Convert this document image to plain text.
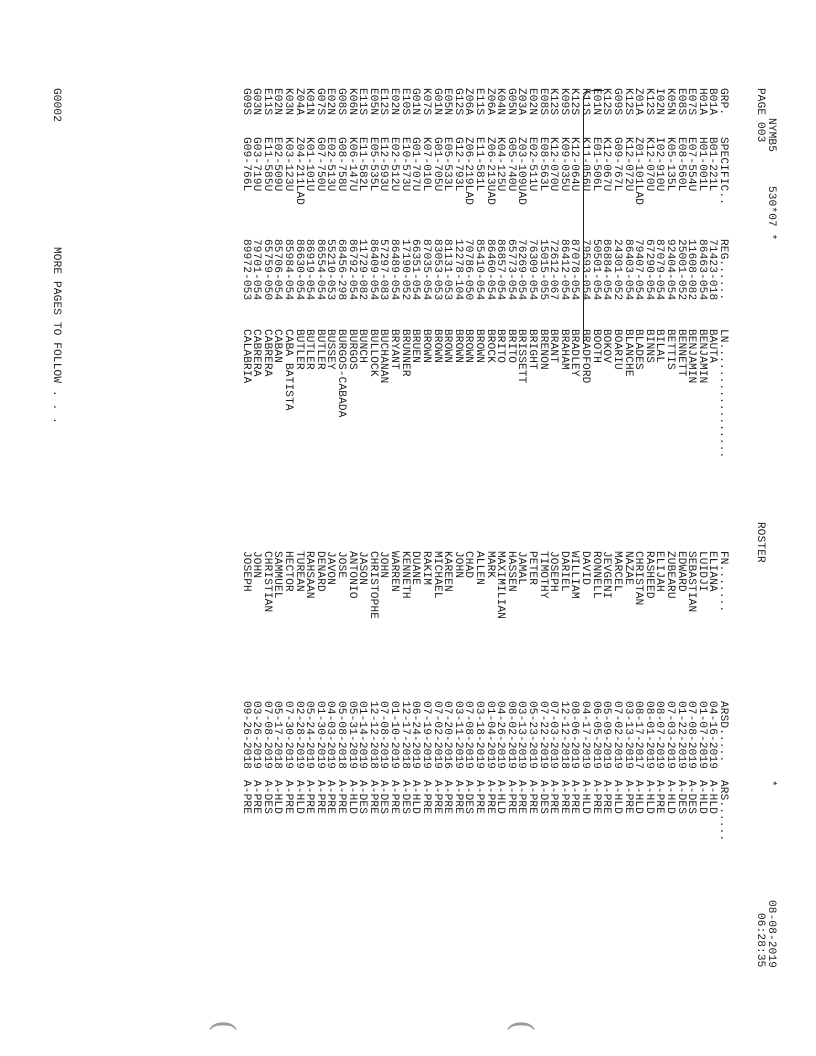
NYMB5
530*07 *
PAGE 003
ROSTER
*
08-08-2019
06:28:35
GRP.
SPECIFIC..
REG......
LN.................
FN.......
ARSD.....
ARS......
B01A
B01-221L
71423-018
BAUTA
ELIANA
04-16-2019
A-HLD
H01A
H01-001L
86463-054
BENJAMIN
LUIDJI
01-07-2019
A-HLD
E07S
E07-554U
11608-082
BENJAMIN
SEBASTIAN
07-08-2019
A-DES
E08S
E08-560L
25001-052
BENNETT
EDWARD
01-22-2019
A-DES
K05N
K05-135L
92404-054
BETTIS
ZUBEARU
07-03-2019
A-HLD
I02N
I02-910U
87079-054
BILAL
ELIJAH
08-07-2019
A-PRE
K12S
K12-070U
67290-054
BINNS
RASHEED
08-01-2019
A-HLD
Z01A
Z01-101LAD
79407-054
BLADES
CHRISTAN
08-17-2017
A-HLD
K12S
K12-072U
86403-054
BLANCHE
NAZAE
03-13-2019
A-PRE
G09S
G09-767L
24301-052
BOARIU
MARCEL
07-02-2019
A-HLD
K12S
K12-067U
86884-054
BOKOV
JEVGENI
05-09-2019
A-PRE
E01N
E01-506L
50501-054
BOOTH
RONNELL
06-05-2019
A-PRE
K11S
K11-056U
79593-054
BRADFORD
DAVID
04-17-2019
A-HLD
K12S
K12-064U
87078-054
BRADLEY
WILLIAM
08-06-2019
A-PRE
K09S
K09-035U
86412-054
BRAHAM
DARIEL
12-12-2018
A-PRE
K12S
K12-070U
72612-067
BRANT
JOSEPH
07-03-2019
A-PRE
E08S
E08-563L
15015-055
BRENON
TIMOTHY
07-22-2019
A-DES
E02N
E02-511U
76309-054
BRIGHT
PETER
05-23-2019
A-PRE
Z03A
Z03-109UAD
76269-054
BRISSETT
JAMAL
03-13-2019
A-PRE
G05N
G05-740U
65773-054
BRITO
HASSEN
08-02-2019
A-PRE
K04N
K04-125U
86857-054
BRITO
MAXIMILIAN
04-26-2019
A-HLD
Z06A
Z06-213UAD
86460-054
BROCK
MARK
01-04-2019
A-PRE
E11S
E11-581L
85410-054
BROWN
ALLEN
03-18-2019
A-PRE
Z06A
Z06-219LAD
70786-050
BROWN
CHAD
07-08-2019
A-DES
G12S
G12-793L
12278-104
BROWN
JOHN
03-11-2019
A-PRE
E05N
E05-533L
81131-053
BROWN
KAREEN
07-20-2016
A-PRE
G01N
G01-705U
83053-053
BROWN
MICHAEL
07-02-2019
A-PRE
K07S
K07-010L
87035-054
BROWN
RAKIM
07-19-2019
A-PRE
G01N
G01-707U
66351-054
BRUEN
DUANE
06-24-2019
A-HLD
E10S
E10-573U
17190-052
BRUNNER
KENNETH
12-17-2018
A-DES
E02N
E02-512U
86489-054
BRYANT
WARREN
01-10-2019
A-PRE
E12S
E12-593U
57297-083
BUCHANAN
JOHN
07-08-2019
A-DES
E05N
E05-535L
86409-054
BULLOCK
CHRISTOPHE
12-12-2018
A-PRE
E11S
E11-582L
11729-082
BUNCH
JASON
01-14-2019
A-DES
K06N
K06-147U
86792-054
BURGOS
ANTONIO
05-31-2019
A-HLD
G08S
G08-758U
68456-298
BURGOS-CABADA
JOSE
05-08-2018
A-PRE
E02N
E02-513U
55210-053
BUSSEY
JAVON
04-03-2019
A-PRE
G07S
G07-750U
86554-054
BUTLER
DENARD
01-30-2019
A-PRE
K01N
K01-101U
86919-054
BUTLER
RAHSAAN
05-24-2019
A-PRE
Z04A
Z04-211LAD
86630-054
BUTLER
TUREAN
02-28-2019
A-HLD
K03N
K03-123U
85984-054
CABA BATISTA
HECTOR
07-30-2019
A-PRE
E02N
E02-509U
85706-054
CABAN
SAMMUEL
05-17-2018
A-HLD
E11S
E11-585U
65759-050
CABRERA
CHRISTIAN
07-08-2019
A-DES
G03N
G03-719U
79701-054
CABRERA
JOHN
03-26-2019
A-PRE
G09S
G09-766L
89972-053
CALABRIA
JOSEPH
09-26-2018
A-PRE
G0002
MORE PAGES TO FOLLOW . . .
(	(
